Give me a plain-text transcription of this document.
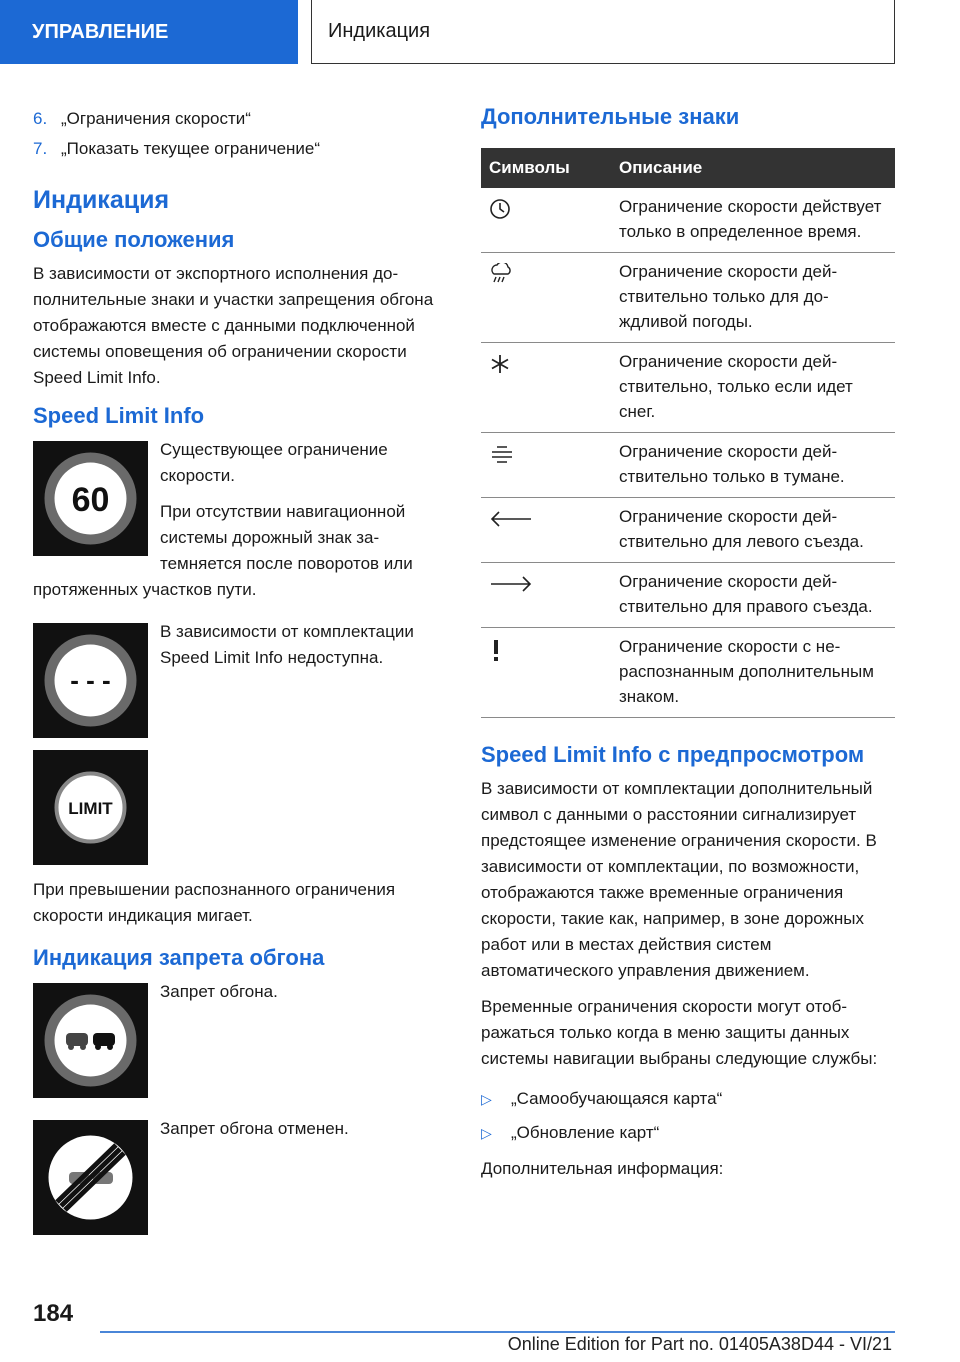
УПРАВЛЕНИЕ	Индикация
6. „Ограничения скорости“
7. „Показать текущее ограничение“
Индикация
Общие положения

В зависимости от экспортного исполнения дополнительные знаки и участки запрещения обгона отображаются вместе с данными подключенной системы оповещения об ограничении скорости Speed Limit Info.

Speed Limit Info
60

Существующее ограничение скорости.

При отсутствии навигационной системы дорожный знак затемняется после поворотов или протяженных участков пути.

- - -

В зависимости от комплектации Speed Limit Info недоступна.

LIMIT

При превышении распознанного ограничения скорости индикация мигает.

Индикация запрета обгона

Запрет обгона.

Запрет обгона отменен.

Дополнительные знаки
Символы	Описание
	Ограничение скорости действует только в определенное время.
	Ограничение скорости действительно только для дождливой погоды.
	Ограничение скорости действительно, только если идет снег.
	Ограничение скорости действительно только в тумане.
	Ограничение скорости действительно для левого съезда.
	Ограничение скорости действительно для правого съезда.
	Ограничение скорости с нераспознанным дополнительным знаком.
Speed Limit Info с предпросмотром

В зависимости от комплектации дополнительный символ с данными о расстоянии сигнализирует предстоящее изменение ограничения скорости. В зависимости от комплектации, по возможности, отображаются также временные ограничения скорости, такие как, например, в зоне дорожных работ или в местах действия систем автоматического управления движением.

Временные ограничения скорости могут отображаться только когда в меню защиты данных системы навигации выбраны следующие службы:

▷	„Самообучающаяся карта“
▷	„Обновление карт“

Дополнительная информация:

184
Online Edition for Part no. 01405A38D44 - VI/21
